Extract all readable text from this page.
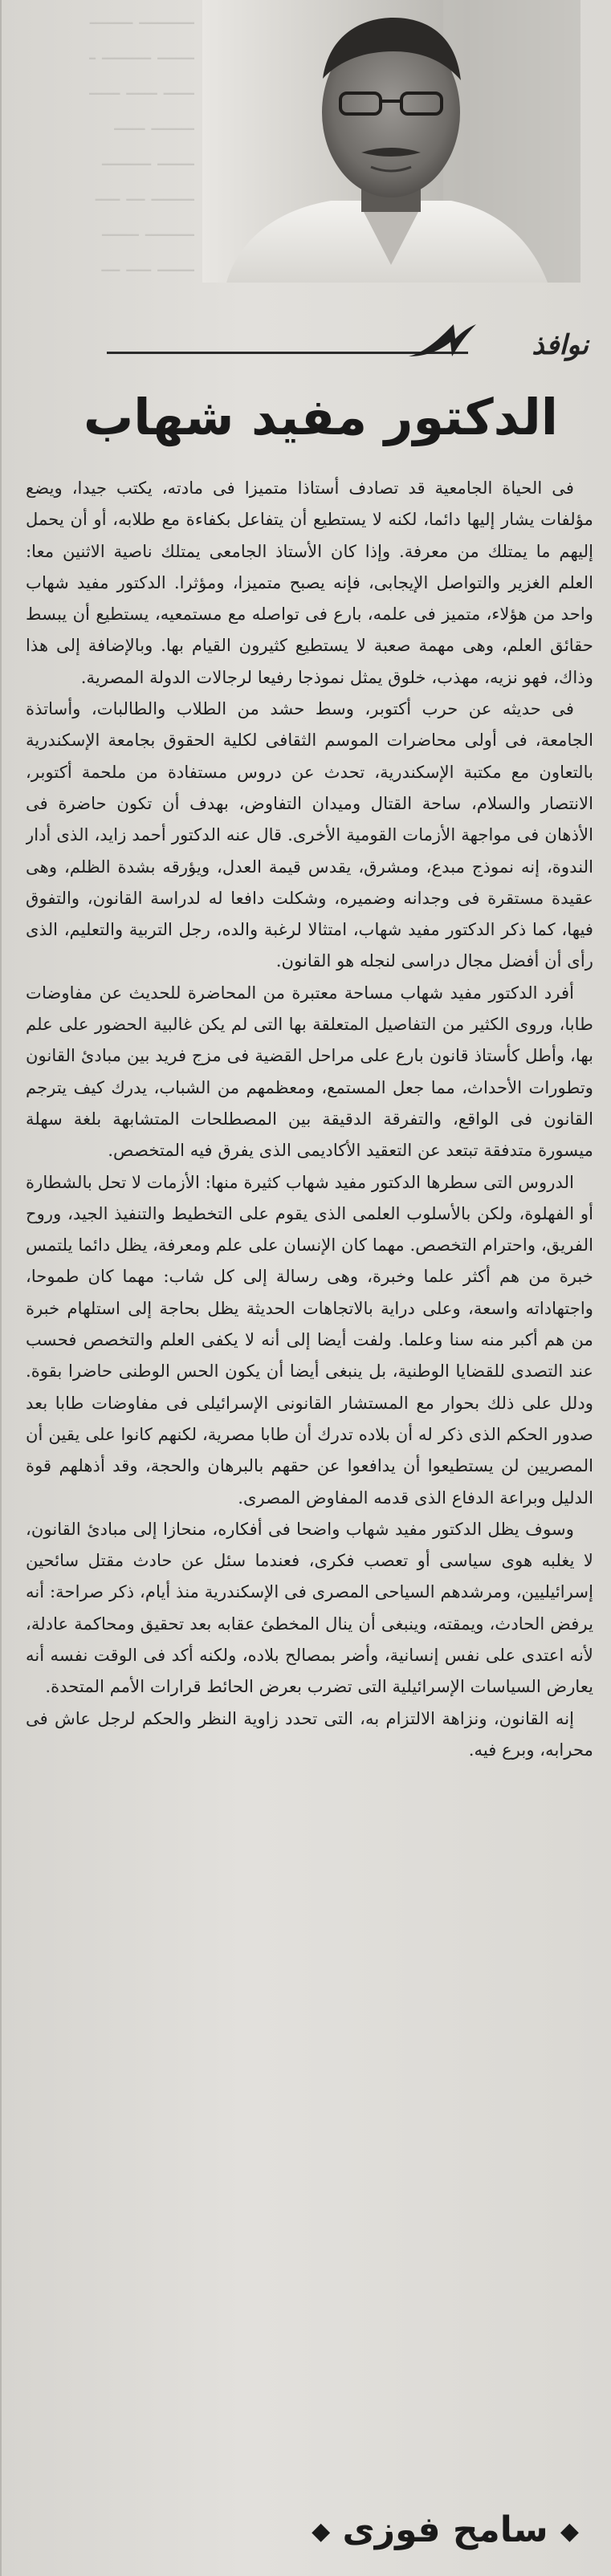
ـــــــــ ـــــــ
ــــــ ــــــــ ـ
ـــــ ـــــ ـــــ
ـــــــ ـــــ
ــــــ ــــــــ
ـــــــ ـــ ــــ
ــــــــ ــــــ
ــــــ ــــ ـــ
نوافذ
الدكتور مفيد شهاب

فى الحياة الجامعية قد تصادف أستاذا متميزا فى مادته، يكتب جيدا، ويضع مؤلفات يشار إليها دائما، لكنه لا يستطيع أن يتفاعل بكفاءة مع طلابه، أو أن يحمل إليهم ما يمتلك من معرفة. وإذا كان الأستاذ الجامعى يمتلك ناصية الاثنين معا: العلم الغزير والتواصل الإيجابى، فإنه يصبح متميزا، ومؤثرا. الدكتور مفيد شهاب واحد من هؤلاء، متميز فى علمه، بارع فى تواصله مع مستمعيه، يستطيع أن يبسط حقائق العلم، وهى مهمة صعبة لا يستطيع كثيرون القيام بها. وبالإضافة إلى هذا وذاك، فهو نزيه، مهذب، خلوق يمثل نموذجا رفيعا لرجالات الدولة المصرية.

فى حديثه عن حرب أكتوبر، وسط حشد من الطلاب والطالبات، وأساتذة الجامعة، فى أولى محاضرات الموسم الثقافى لكلية الحقوق بجامعة الإسكندرية بالتعاون مع مكتبة الإسكندرية، تحدث عن دروس مستفادة من ملحمة أكتوبر، الانتصار والسلام، ساحة القتال وميدان التفاوض، بهدف أن تكون حاضرة فى الأذهان فى مواجهة الأزمات القومية الأخرى. قال عنه الدكتور أحمد زايد، الذى أدار الندوة، إنه نموذج مبدع، ومشرق، يقدس قيمة العدل، ويؤرقه بشدة الظلم، وهى عقيدة مستقرة فى وجدانه وضميره، وشكلت دافعا له لدراسة القانون، والتفوق فيها، كما ذكر الدكتور مفيد شهاب، امتثالا لرغبة والده، رجل التربية والتعليم، الذى رأى أن أفضل مجال دراسى لنجله هو القانون.

أفرد الدكتور مفيد شهاب مساحة معتبرة من المحاضرة للحديث عن مفاوضات طابا، وروى الكثير من التفاصيل المتعلقة بها التى لم يكن غالبية الحضور على علم بها، وأطل كأستاذ قانون بارع على مراحل القضية فى مزج فريد بين مبادئ القانون وتطورات الأحداث، مما جعل المستمع، ومعظمهم من الشباب، يدرك كيف يترجم القانون فى الواقع، والتفرقة الدقيقة بين المصطلحات المتشابهة بلغة سهلة ميسورة متدفقة تبتعد عن التعقيد الأكاديمى الذى يفرق فيه المتخصص.

الدروس التى سطرها الدكتور مفيد شهاب كثيرة منها: الأزمات لا تحل بالشطارة أو الفهلوة، ولكن بالأسلوب العلمى الذى يقوم على التخطيط والتنفيذ الجيد، وروح الفريق، واحترام التخصص. مهما كان الإنسان على علم ومعرفة، يظل دائما يلتمس خبرة من هم أكثر علما وخبرة، وهى رسالة إلى كل شاب: مهما كان طموحا، واجتهاداته واسعة، وعلى دراية بالاتجاهات الحديثة يظل بحاجة إلى استلهام خبرة من هم أكبر منه سنا وعلما. ولفت أيضا إلى أنه لا يكفى العلم والتخصص فحسب عند التصدى للقضايا الوطنية، بل ينبغى أيضا أن يكون الحس الوطنى حاضرا بقوة. ودلل على ذلك بحوار مع المستشار القانونى الإسرائيلى فى مفاوضات طابا بعد صدور الحكم الذى ذكر له أن بلاده تدرك أن طابا مصرية، لكنهم كانوا على يقين أن المصريين لن يستطيعوا أن يدافعوا عن حقهم بالبرهان والحجة، وقد أذهلهم قوة الدليل وبراعة الدفاع الذى قدمه المفاوض المصرى.

وسوف يظل الدكتور مفيد شهاب واضحا فى أفكاره، منحازا إلى مبادئ القانون، لا يغلبه هوى سياسى أو تعصب فكرى، فعندما سئل عن حادث مقتل سائحين إسرائيليين، ومرشدهم السياحى المصرى فى الإسكندرية منذ أيام، ذكر صراحة: أنه يرفض الحادث، ويمقته، وينبغى أن ينال المخطئ عقابه بعد تحقيق ومحاكمة عادلة، لأنه اعتدى على نفس إنسانية، وأضر بمصالح بلاده، ولكنه أكد فى الوقت نفسه أنه يعارض السياسات الإسرائيلية التى تضرب بعرض الحائط قرارات الأمم المتحدة.

إنه القانون، ونزاهة الالتزام به، التى تحدد زاوية النظر والحكم لرجل عاش فى محرابه، وبرع فيه.

◆ سامح فوزى ◆
